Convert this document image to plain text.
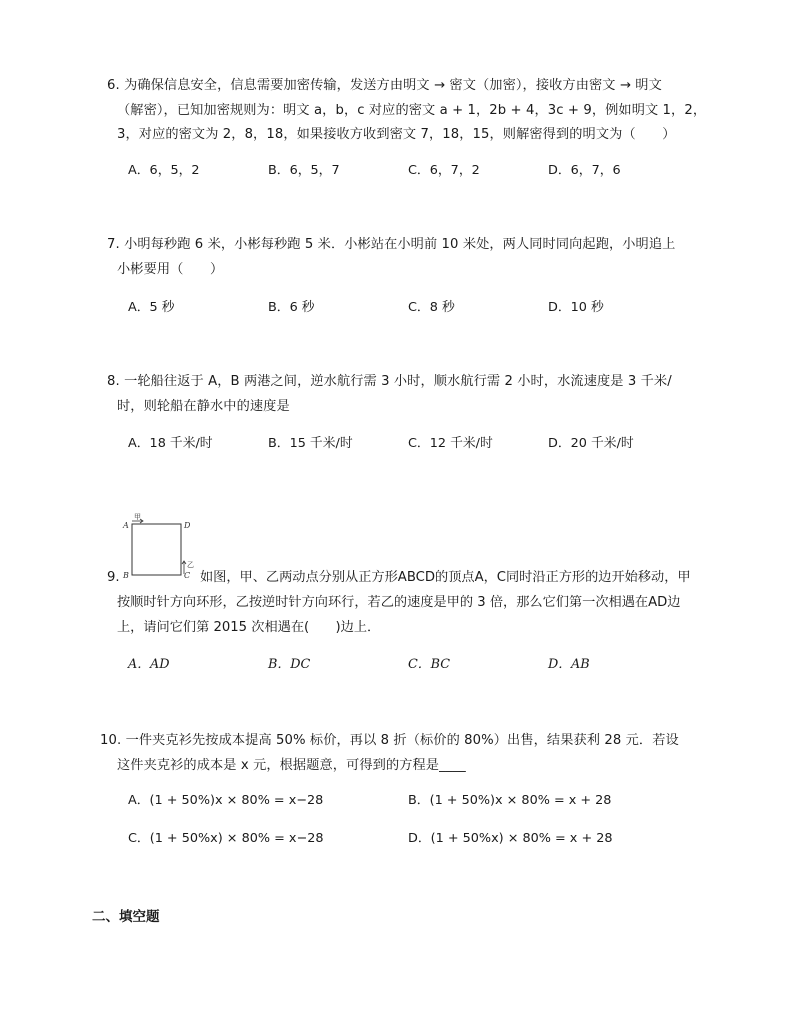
6. 为确保信息安全，信息需要加密传输，发送方由明文 → 密文（加密），接收方由密文 → 明文
（解密），已知加密规则为：明文 a，b，c 对应的密文 a + 1，2b + 4，3c + 9，例如明文 1，2，
3，对应的密文为 2，8，18，如果接收方收到密文 7，18，15，则解密得到的明文为（　　）
A．6，5，2	B．6，5，7	C．6，7，2	D．6，7，6
7. 小明每秒跑 6 米，小彬每秒跑 5 米．小彬站在小明前 10 米处，两人同时同向起跑，小明追上
小彬要用（　　）
A．5 秒	B．6 秒	C．8 秒	D．10 秒
8. 一轮船往返于 A，B 两港之间，逆水航行需 3 小时，顺水航行需 2 小时，水流速度是 3 千米/
时，则轮船在静水中的速度是
A．18 千米/时	B．15 千米/时	C．12 千米/时	D．20 千米/时
A
B	C
D
甲
乙
9.	如图，甲、乙两动点分别从正方形ABCD的顶点A，C同时沿正方形的边开始移动，甲
按顺时针方向环形，乙按逆时针方向环行，若乙的速度是甲的 3 倍，那么它们第一次相遇在AD边
上，请问它们第 2015 次相遇在(　　)边上．
A．AD	B．DC	C．BC	D．AB
10. 一件夹克衫先按成本提高 50% 标价，再以 8 折（标价的 80%）出售，结果获利 28 元．若设
这件夹克衫的成本是 x 元，根据题意，可得到的方程是____
A．(1 + 50%)x × 80% = x−28	B．(1 + 50%)x × 80% = x + 28
C．(1 + 50%x) × 80% = x−28	D．(1 + 50%x) × 80% = x + 28
二、填空题
